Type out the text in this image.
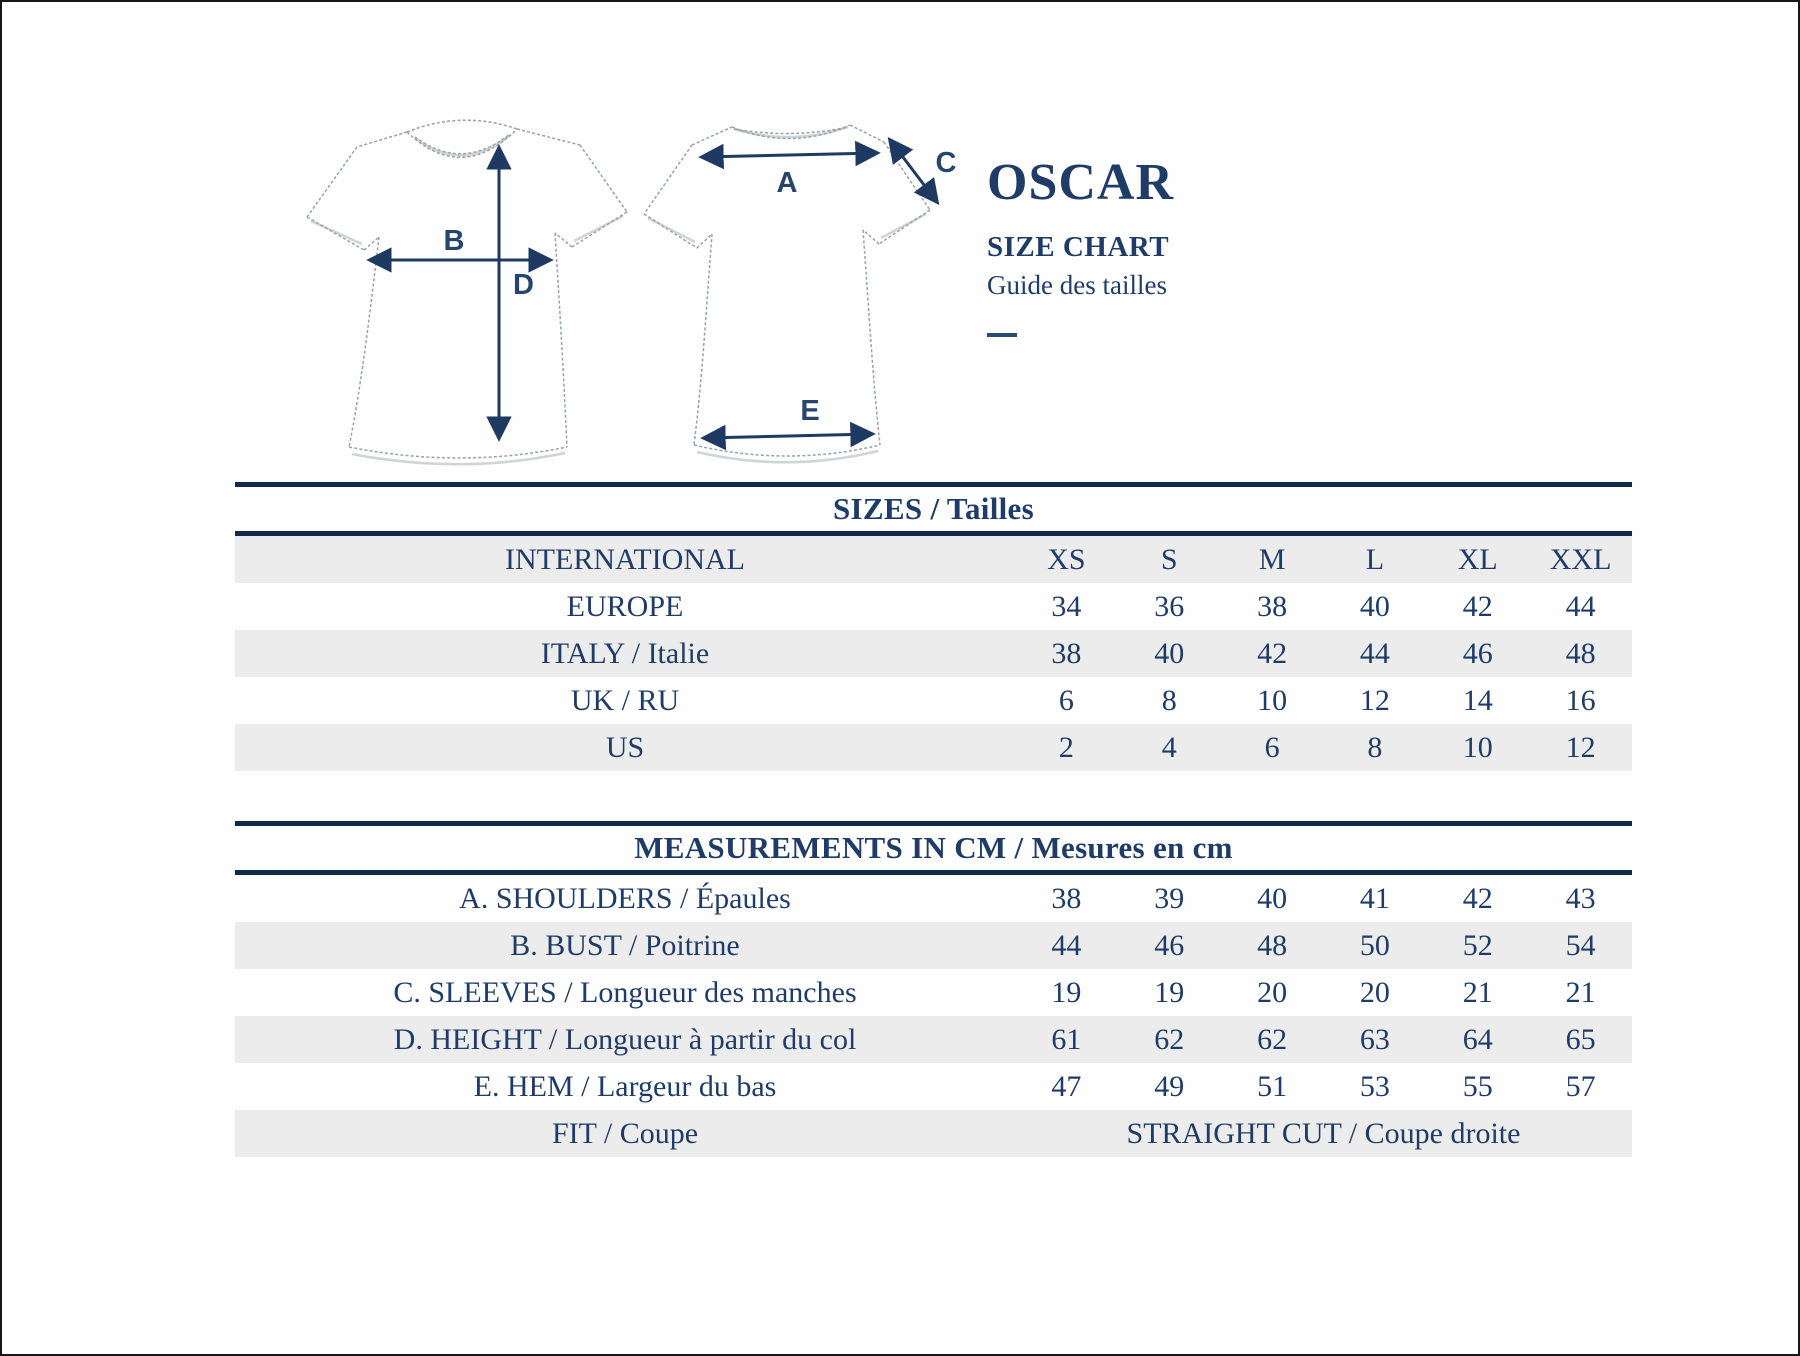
B
D
A
C
E
OSCAR
SIZE CHART
Guide des tailles
SIZES / Tailles
INTERNATIONAL	XS	S	M	L	XL	XXL
EUROPE	34	36	38	40	42	44
ITALY / Italie	38	40	42	44	46	48
UK / RU	6	8	10	12	14	16
US	2	4	6	8	10	12
MEASUREMENTS IN CM / Mesures en cm
A. SHOULDERS / Épaules	38	39	40	41	42	43
B. BUST / Poitrine	44	46	48	50	52	54
C. SLEEVES / Longueur des manches	19	19	20	20	21	21
D. HEIGHT / Longueur à partir du col	61	62	62	63	64	65
E. HEM / Largeur du bas	47	49	51	53	55	57
FIT / Coupe	STRAIGHT CUT / Coupe droite
